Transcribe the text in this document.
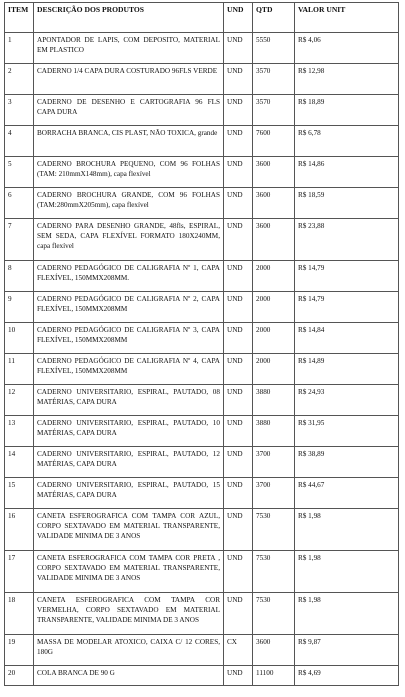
ITEM	DESCRIÇÃO DOS PRODUTOS	UND	QTD	VALOR UNIT
1	APONTADOR DE LAPIS, COM DEPOSITO, MATERIAL EM PLASTICO	UND	5550	R$ 4,06
2	CADERNO 1/4 CAPA DURA COSTURADO 96FLS VERDE	UND	3570	R$ 12,98
3	CADERNO DE DESENHO E CARTOGRAFIA 96 FLS CAPA DURA	UND	3570	R$ 18,89
4	BORRACHA BRANCA, CIS PLAST, NÃO TOXICA, grande	UND	7600	R$ 6,78
5	CADERNO BROCHURA PEQUENO, COM 96 FOLHAS (TAM: 210mmX148mm), capa flexível	UND	3600	R$ 14,86
6	CADERNO BROCHURA GRANDE, COM 96 FOLHAS (TAM:280mmX205mm), capa flexível	UND	3600	R$ 18,59
7	CADERNO PARA DESENHO GRANDE, 48fls, ESPIRAL, SEM SEDA, CAPA FLEXÍVEL FORMATO 180X240MM, capa flexível	UND	3600	R$ 23,88
8	CADERNO PEDAGÓGICO DE CALIGRAFIA Nº 1, CAPA FLEXÍVEL, 150MMX208MM.	UND	2000	R$ 14,79
9	CADERNO PEDAGÓGICO DE CALIGRAFIA Nº 2, CAPA FLEXÍVEL, 150MMX208MM	UND	2000	R$ 14,79
10	CADERNO PEDAGÓGICO DE CALIGRAFIA Nº 3, CAPA FLEXÍVEL, 150MMX208MM	UND	2000	R$ 14,84
11	CADERNO PEDAGÓGICO DE CALIGRAFIA Nº 4, CAPA FLEXÍVEL, 150MMX208MM	UND	2000	R$ 14,89
12	CADERNO UNIVERSITARIO, ESPIRAL, PAUTADO, 08 MATÉRIAS, CAPA DURA	UND	3880	R$ 24,93
13	CADERNO UNIVERSITARIO, ESPIRAL, PAUTADO, 10 MATÉRIAS, CAPA DURA	UND	3880	R$ 31,95
14	CADERNO UNIVERSITARIO, ESPIRAL, PAUTADO, 12 MATÉRIAS, CAPA DURA	UND	3700	R$ 38,89
15	CADERNO UNIVERSITARIO, ESPIRAL, PAUTADO, 15 MATÉRIAS, CAPA DURA	UND	3700	R$ 44,67
16	CANETA ESFEROGRAFICA COM TAMPA COR AZUL, CORPO SEXTAVADO EM MATERIAL TRANSPARENTE, VALIDADE MINIMA DE 3 ANOS	UND	7530	R$ 1,98
17	CANETA ESFEROGRAFICA COM TAMPA COR PRETA , CORPO SEXTAVADO EM MATERIAL TRANSPARENTE, VALIDADE MINIMA DE 3 ANOS	UND	7530	R$ 1,98
18	CANETA ESFEROGRAFICA COM TAMPA COR VERMELHA, CORPO SEXTAVADO EM MATERIAL TRANSPARENTE, VALIDADE MINIMA DE 3 ANOS	UND	7530	R$ 1,98
19	MASSA DE MODELAR ATOXICO, CAIXA C/ 12 CORES, 180G	CX	3600	R$ 9,87
20	COLA BRANCA DE 90 G	UND	11100	R$ 4,69
